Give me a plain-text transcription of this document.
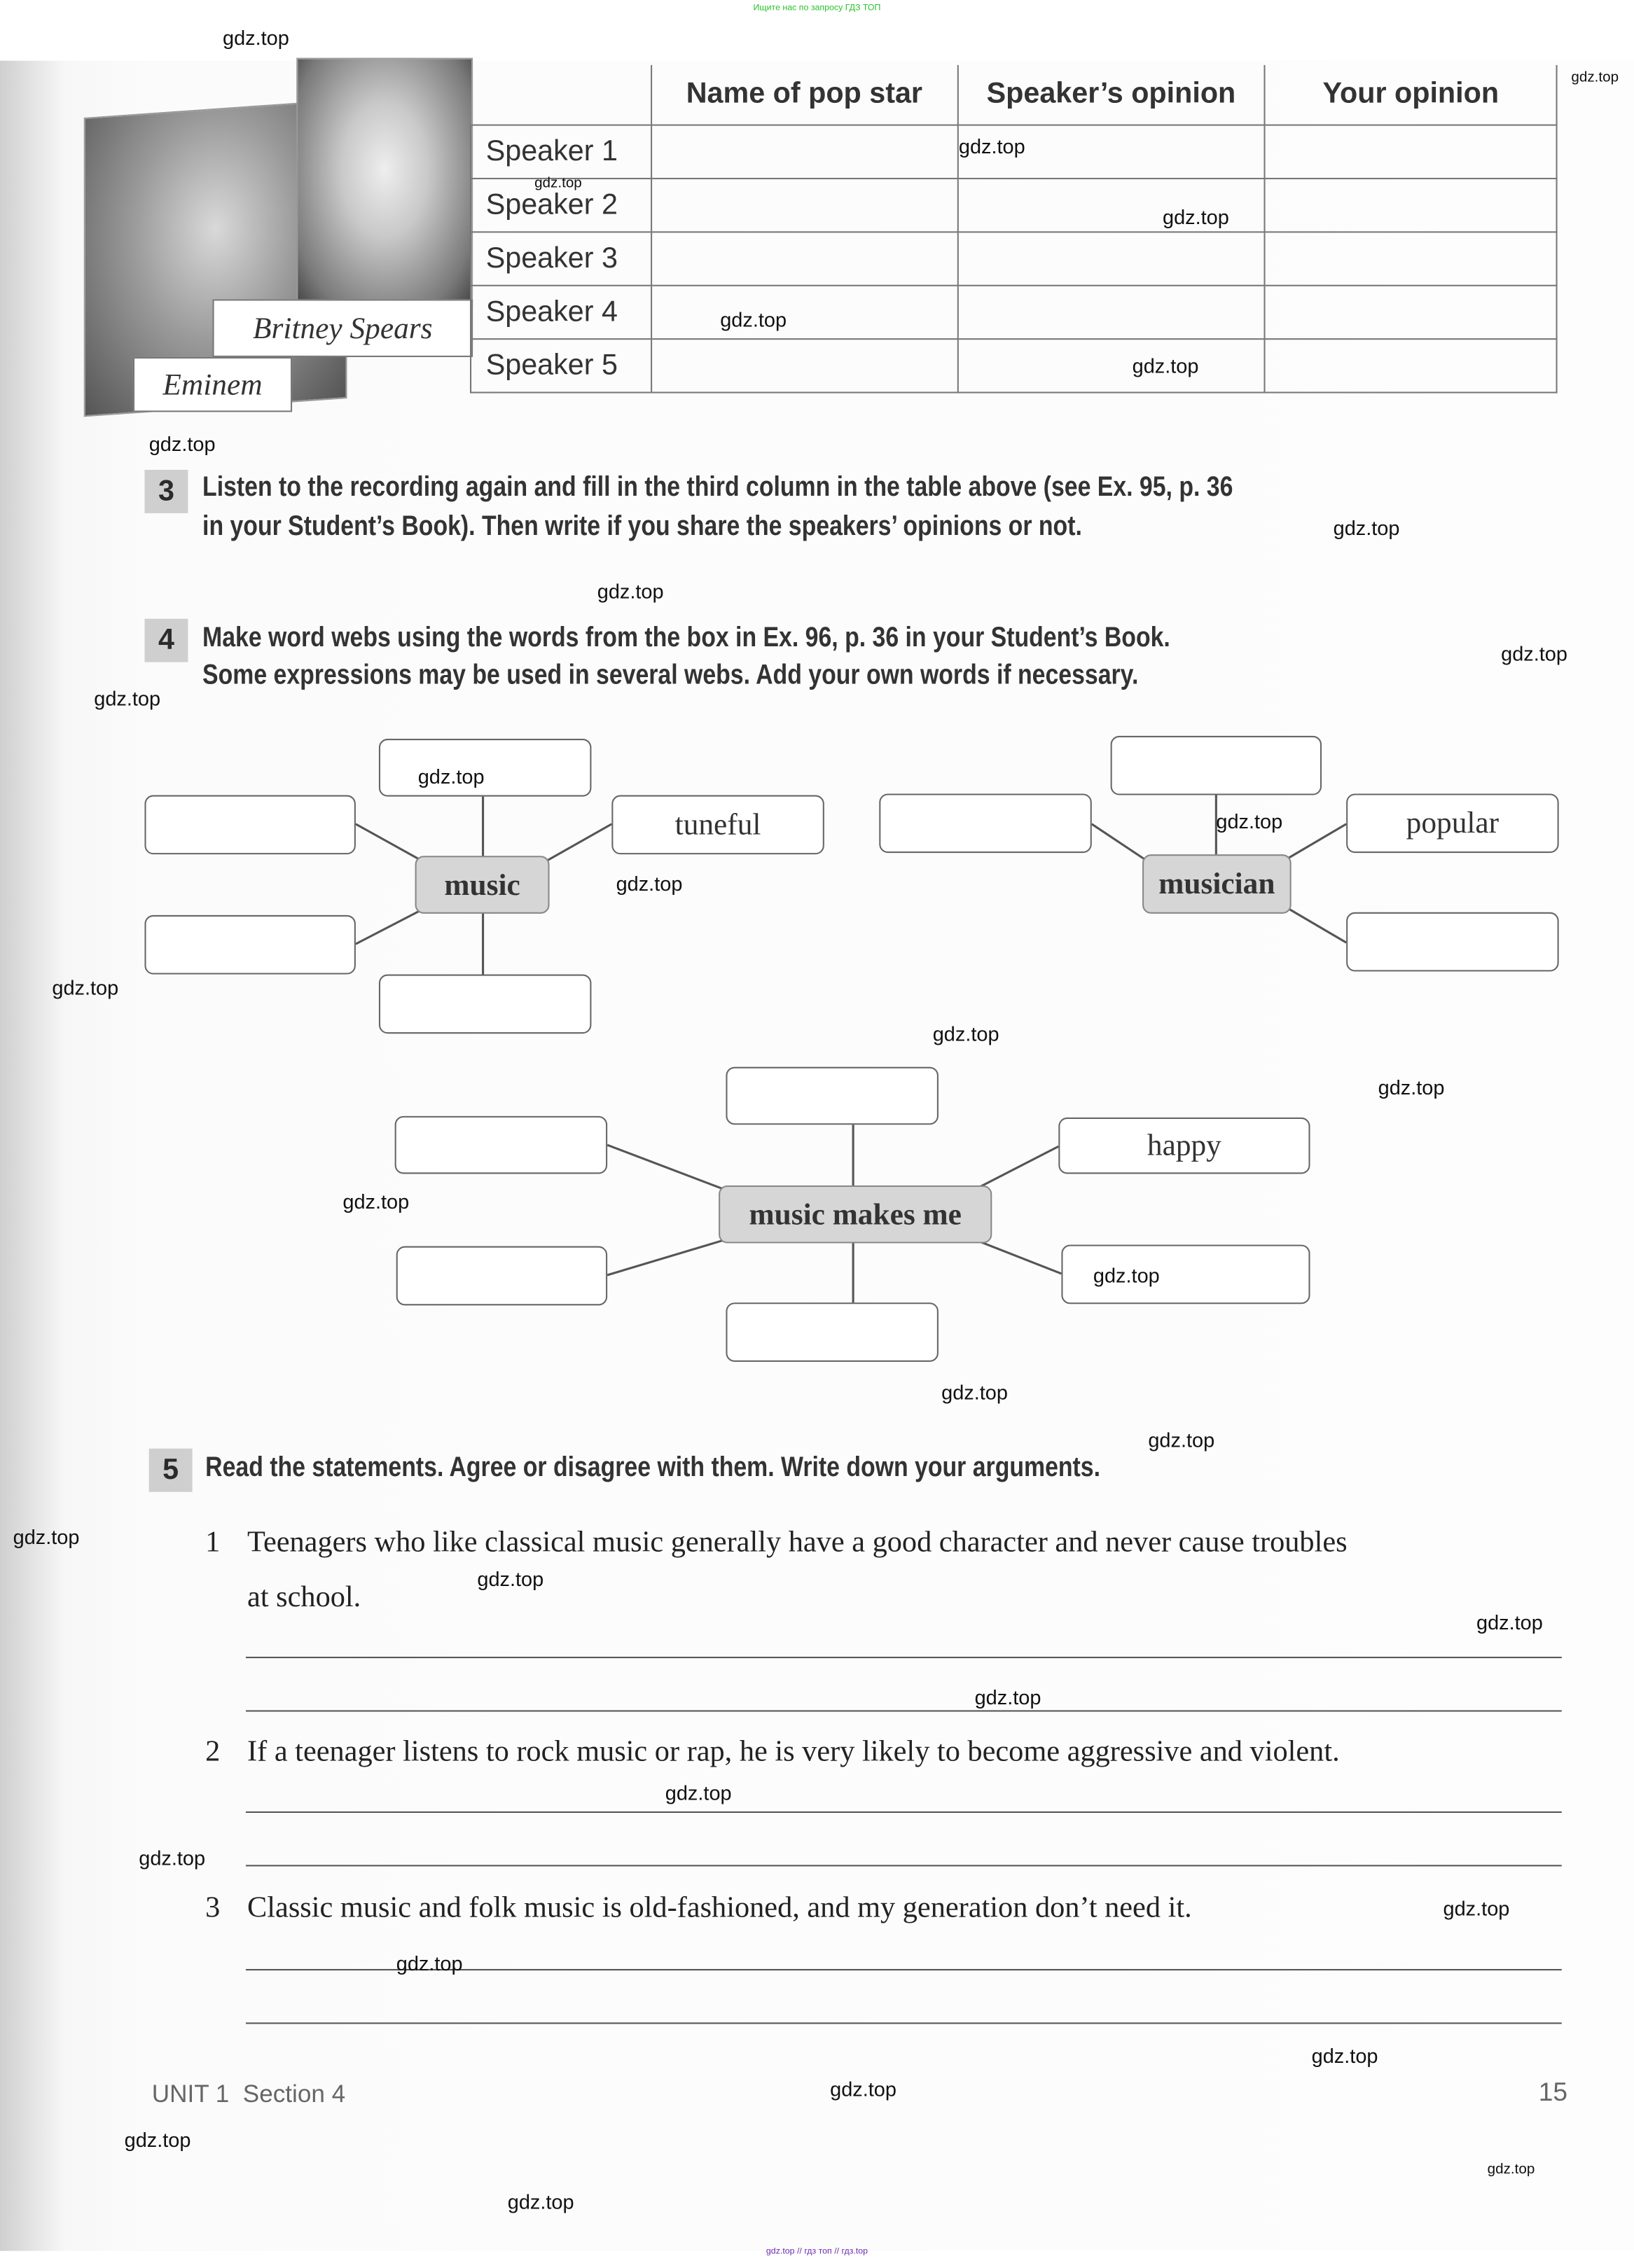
Ищите нас по запросу ГДЗ ТОП
Britney Spears
Eminem
	Name of pop star	Speaker’s opinion	Your opinion
Speaker 1			
Speaker 2			
Speaker 3			
Speaker 4			
Speaker 5			
3	Listen to the recording again and fill in the third column in the table above (see Ex. 95, p. 36
in your Student’s Book). Then write if you share the speakers’ opinions or not.
4	Make word webs using the words from the box in Ex. 96, p. 36 in your Student’s Book.
Some expressions may be used in several webs. Add your own words if necessary.
tuneful
music
popular
musician
happy
music makes me
5	Read the statements. Agree or disagree with them. Write down your arguments.
1 Teenagers who like classical music generally have a good character and never cause troubles
at school.
2 If a teenager listens to rock music or rap, he is very likely to become aggressive and violent.
3 Classic music and folk music is old-fashioned, and my generation don’t need it.
UNIT 1  Section 4	15
gdz.top // гдз топ // гдз.top
gdz.top
gdz.top
gdz.top
gdz.top
gdz.top
gdz.top
gdz.top
gdz.top
gdz.top
gdz.top
gdz.top
gdz.top
gdz.top
gdz.top
gdz.top
gdz.top
gdz.top
gdz.top
gdz.top
gdz.top
gdz.top
gdz.top
gdz.top
gdz.top
gdz.top
gdz.top
gdz.top
gdz.top
gdz.top
gdz.top
gdz.top
gdz.top
gdz.top
gdz.top
gdz.top
